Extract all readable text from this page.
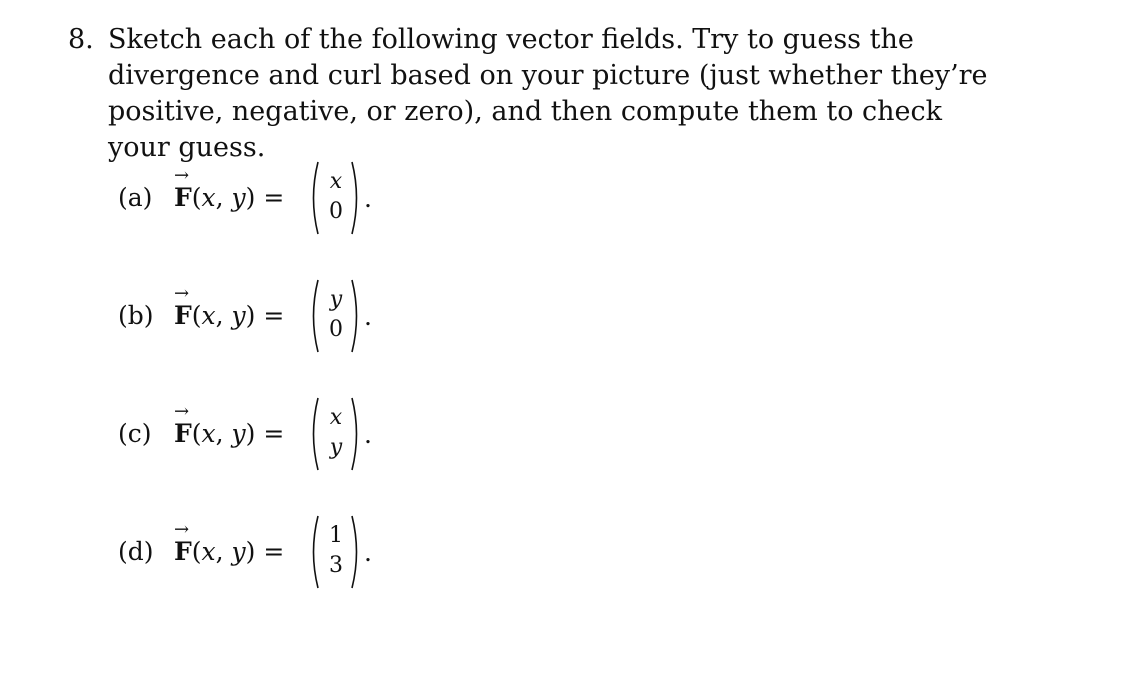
8. Sketch each of the following vector fields. Try to guess the divergence and curl based on your picture (just whether they’re positive, negative, or zero), and then compute them to check your guess.
(a)
→
F(x, y) =
x
0 .
(b)
→
F(x, y) =
y
0 .
(c)
→
F(x, y) =
x
y .
(d)
→
F(x, y) =
1
3 .
